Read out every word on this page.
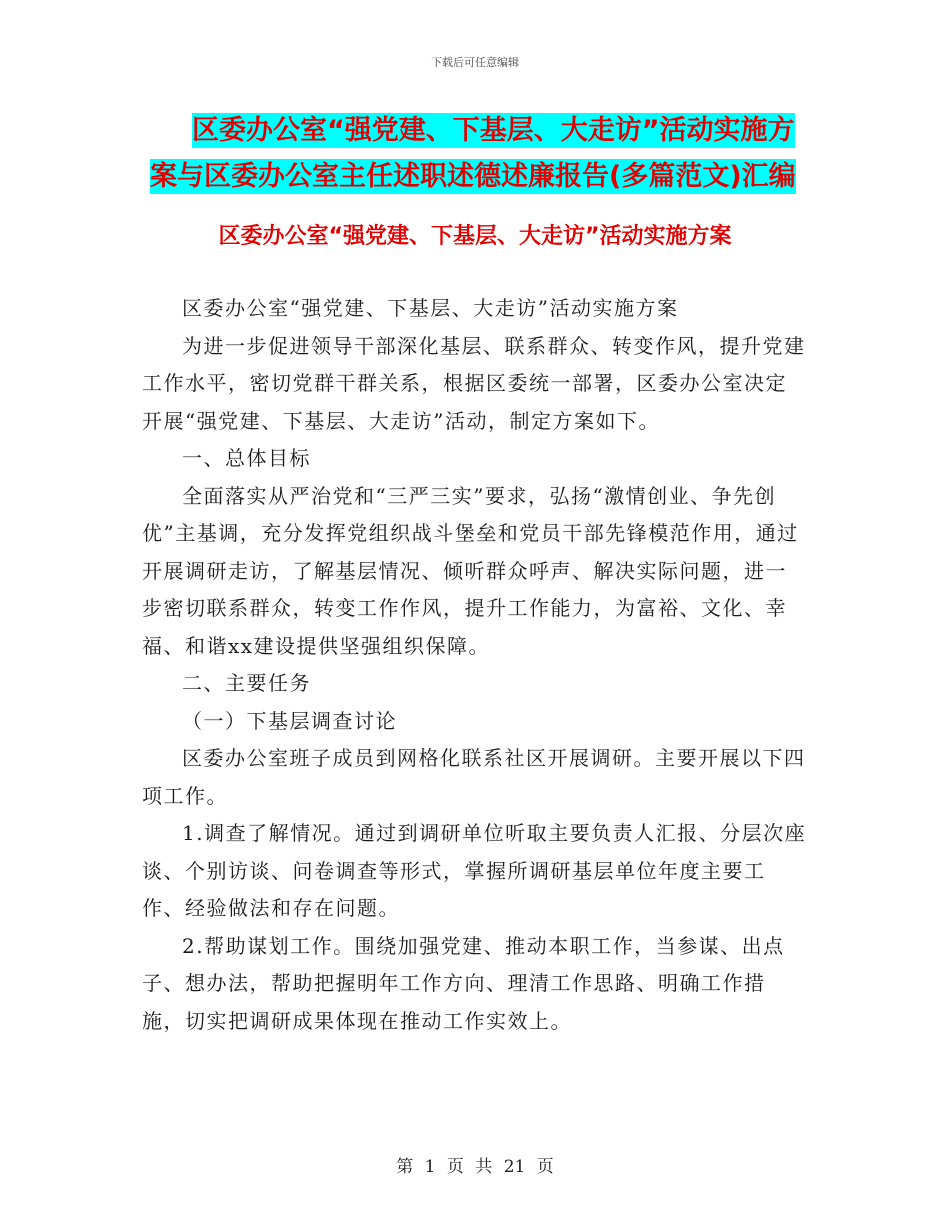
下载后可任意编辑
区委办公室“强党建、下基层、大走访”活动实施方
案与区委办公室主任述职述德述廉报告(多篇范文)汇编
区委办公室“强党建、下基层、大走访”活动实施方案

区委办公室“强党建、下基层、大走访”活动实施方案

为进一步促进领导干部深化基层、联系群众、转变作风，提升党建工作水平，密切党群干群关系，根据区委统一部署，区委办公室决定开展“强党建、下基层、大走访”活动，制定方案如下。

一、总体目标

全面落实从严治党和“三严三实”要求，弘扬“激情创业、争先创优”主基调，充分发挥党组织战斗堡垒和党员干部先锋模范作用，通过开展调研走访，了解基层情况、倾听群众呼声、解决实际问题，进一步密切联系群众，转变工作作风，提升工作能力，为富裕、文化、幸福、和谐xx建设提供坚强组织保障。

二、主要任务

（一）下基层调查讨论

区委办公室班子成员到网格化联系社区开展调研。主要开展以下四项工作。

1.调查了解情况。通过到调研单位听取主要负责人汇报、分层次座谈、个别访谈、问卷调查等形式，掌握所调研基层单位年度主要工作、经验做法和存在问题。

2.帮助谋划工作。围绕加强党建、推动本职工作，当参谋、出点子、想办法，帮助把握明年工作方向、理清工作思路、明确工作措施，切实把调研成果体现在推动工作实效上。

第 1 页 共 21 页
